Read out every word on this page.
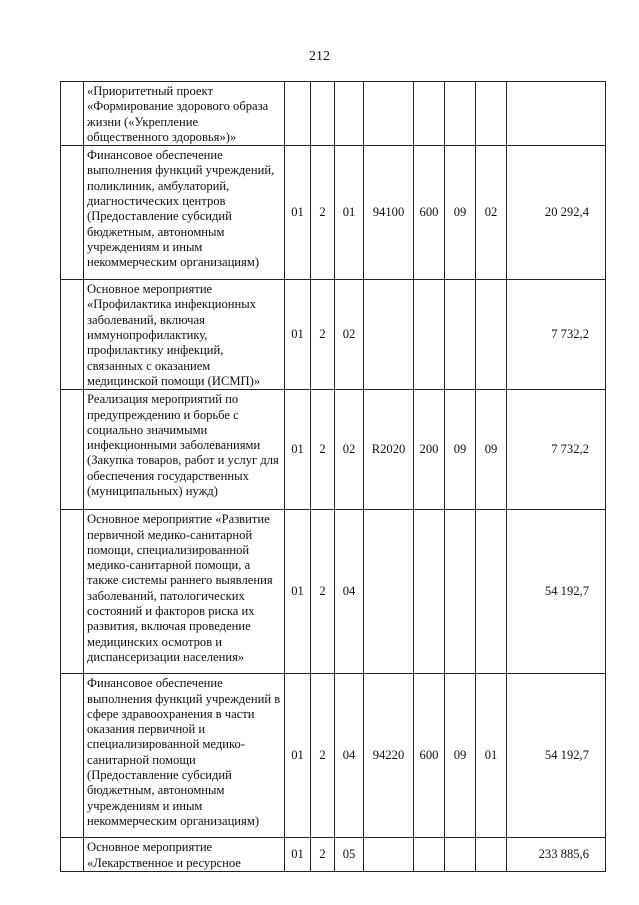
212
	«Приоритетный проект «Формирование здорового образа жизни («Укрепление общественного здоровья»)»								
	Финансовое обеспечение выполнения функций учреждений, поликлиник, амбулаторий, диагностических центров (Предоставление субсидий бюджетным, автономным учреждениям и иным некоммерческим организациям)	01	2	01	94100	600	09	02	20 292,4
	Основное мероприятие «Профилактика инфекционных заболеваний, включая иммунопрофилактику, профилактику инфекций, связанных с оказанием медицинской помощи (ИСМП)»	01	2	02					7 732,2
	Реализация мероприятий по предупреждению и борьбе с социально значимыми инфекционными заболеваниями (Закупка товаров, работ и услуг для обеспечения государственных (муниципальных) нужд)	01	2	02	R2020	200	09	09	7 732,2
	Основное мероприятие «Развитие первичной медико-санитарной помощи, специализированной медико-санитарной помощи, а также системы раннего выявления заболеваний, патологических состояний и факторов риска их развития, включая проведение медицинских осмотров и диспансеризации населения»	01	2	04					54 192,7
	Финансовое обеспечение выполнения функций учреждений в сфере здравоохранения в части оказания первичной и специализированной медико-санитарной помощи (Предоставление субсидий бюджетным, автономным учреждениям и иным некоммерческим организациям)	01	2	04	94220	600	09	01	54 192,7
	Основное мероприятие «Лекарственное и ресурсное	01	2	05					233 885,6
